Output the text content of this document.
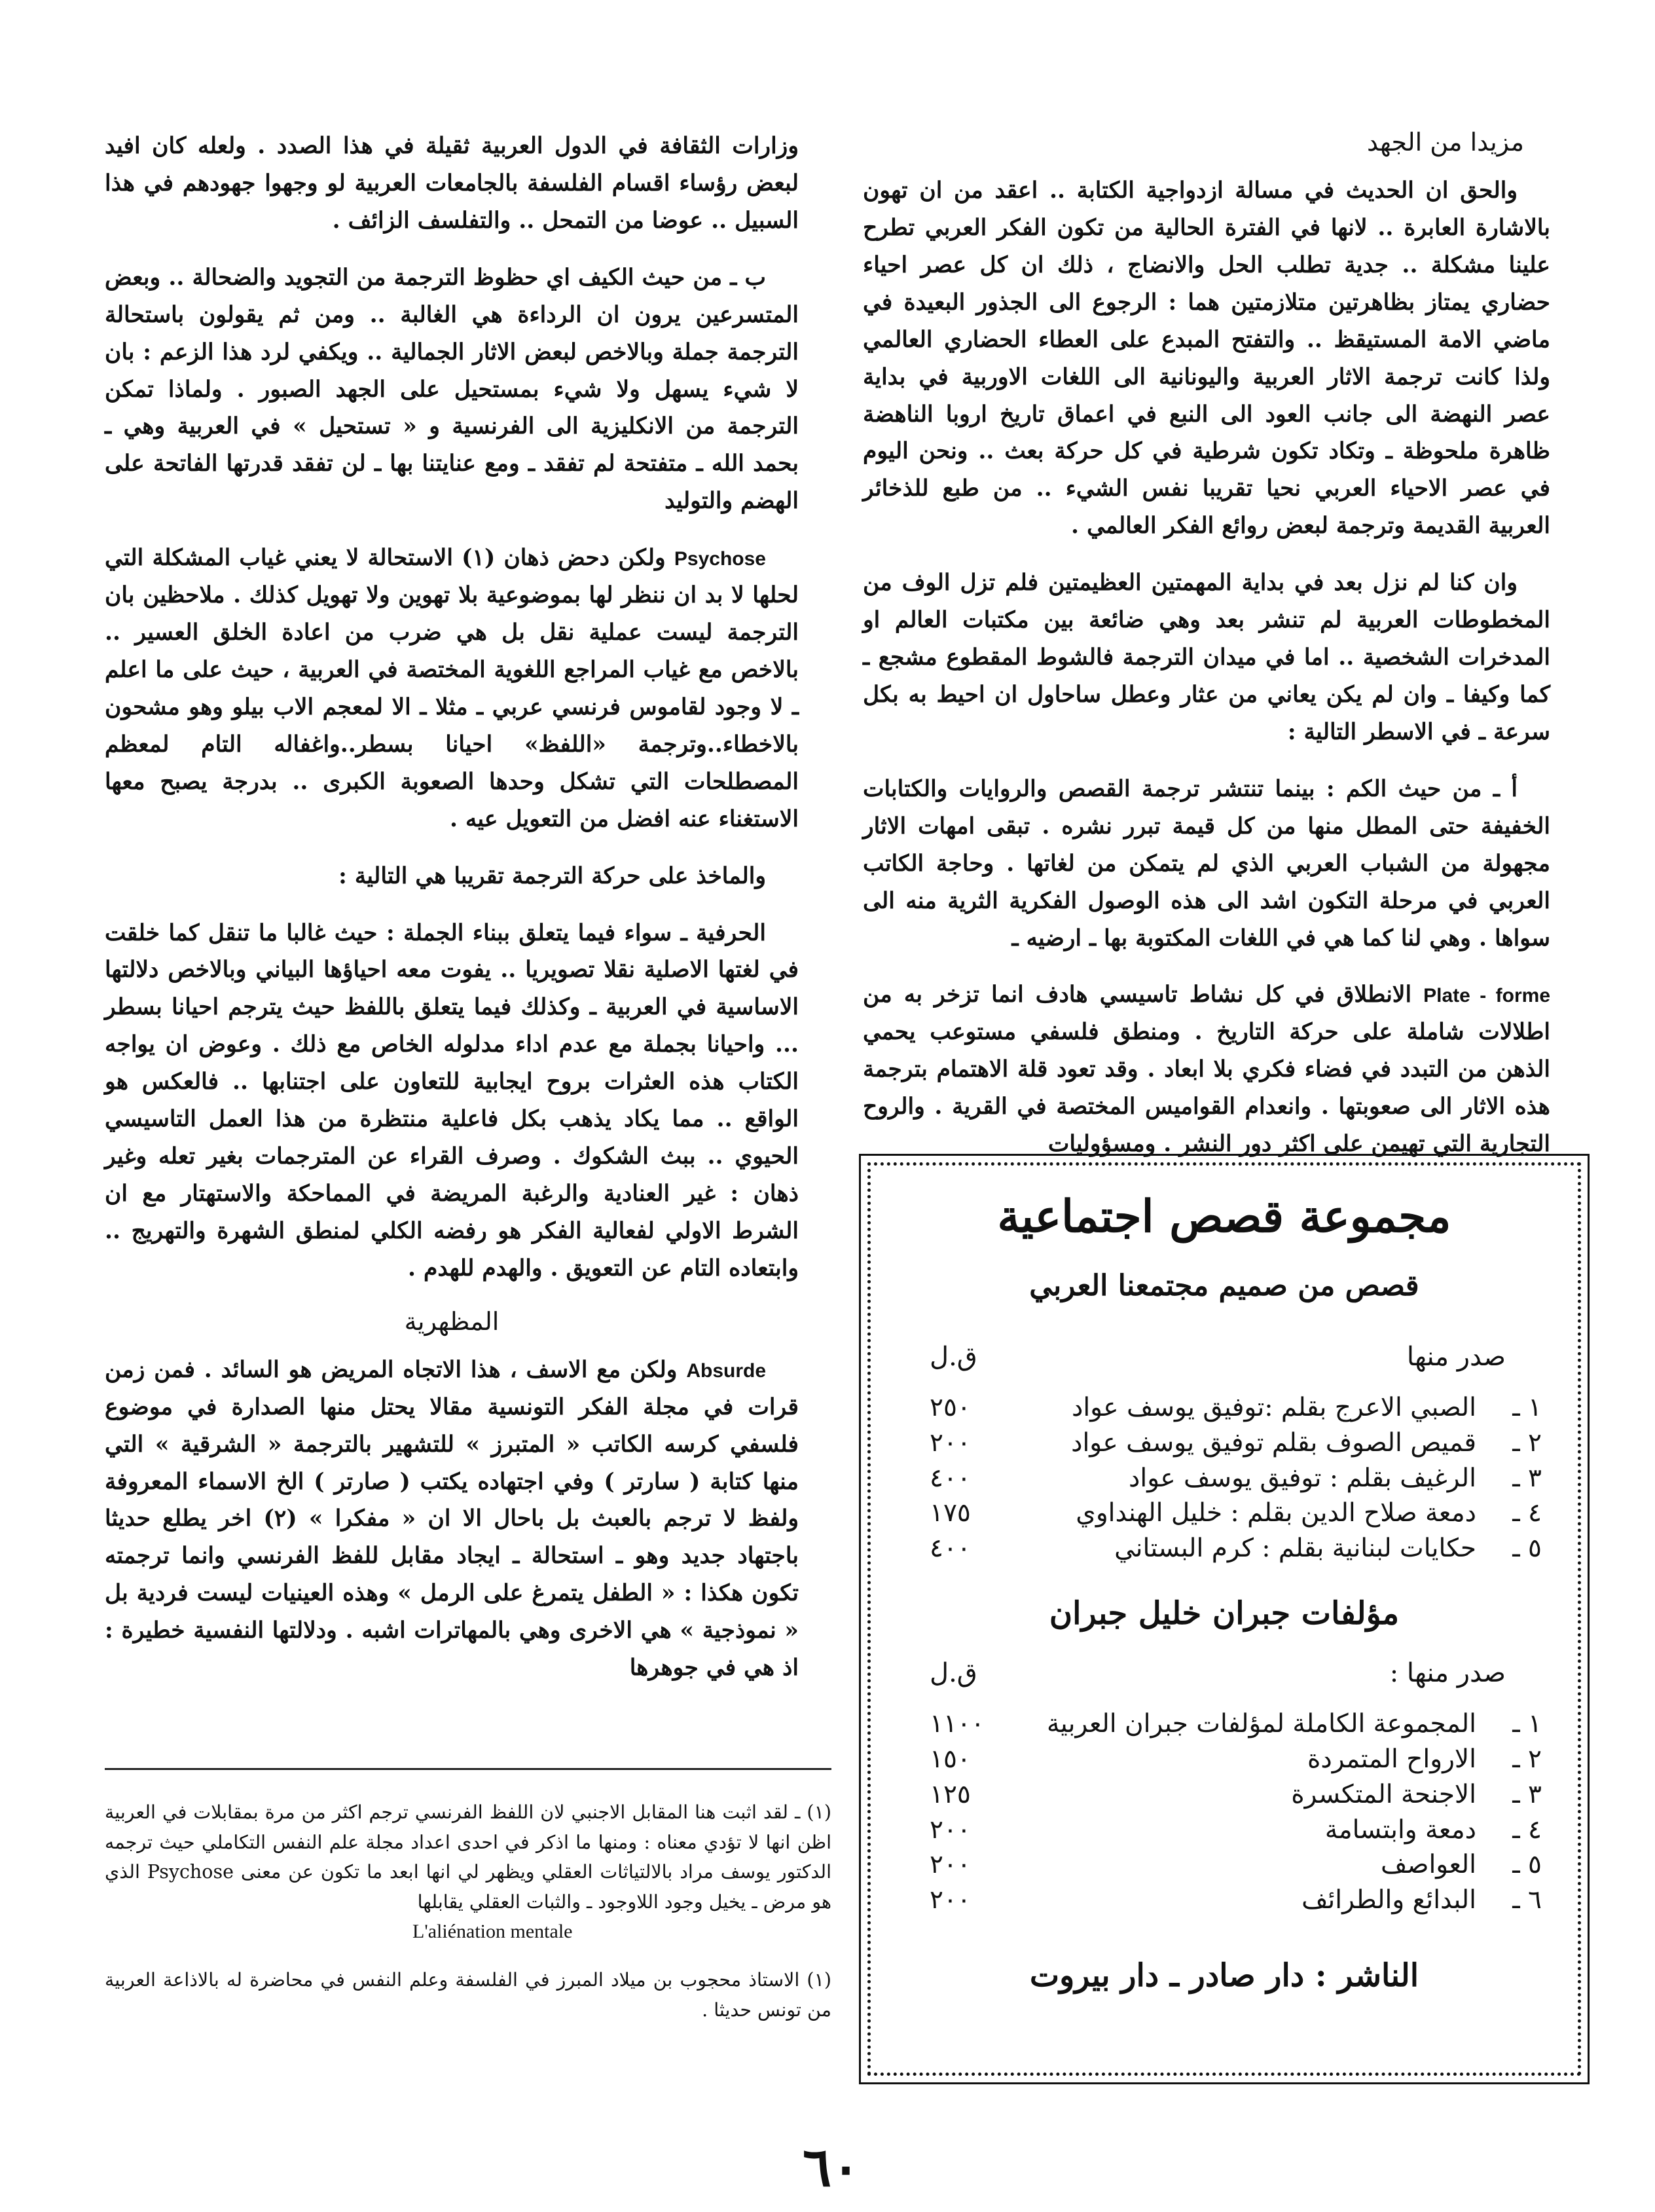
مزيدا من الجهد

والحق ان الحديث في مسالة ازدواجية الكتابة .. اعقد من ان تهون بالاشارة العابرة .. لانها في الفترة الحالية من تكون الفكر العربي تطرح علينا مشكلة .. جدية تطلب الحل والانضاج ، ذلك ان كل عصر احياء حضاري يمتاز بظاهرتين متلازمتين هما : الرجوع الى الجذور البعيدة في ماضي الامة المستيقظ .. والتفتح المبدع على العطاء الحضاري العالمي ولذا كانت ترجمة الاثار العربية واليونانية الى اللغات الاوربية في بداية عصر النهضة الى جانب العود الى النبع في اعماق تاريخ اروبا الناهضة ظاهرة ملحوظة ـ وتكاد تكون شرطية في كل حركة بعث .. ونحن اليوم في عصر الاحياء العربي نحيا تقريبا نفس الشيء .. من طبع للذخائر العربية القديمة وترجمة لبعض روائع الفكر العالمي .

وان كنا لم نزل بعد في بداية المهمتين العظيمتين فلم تزل الوف من المخطوطات العربية لم تنشر بعد وهي ضائعة بين مكتبات العالم او المدخرات الشخصية .. اما في ميدان الترجمة فالشوط المقطوع مشجع ـ كما وكيفا ـ وان لم يكن يعاني من عثار وعطل ساحاول ان احيط به بكل سرعة ـ في الاسطر التالية :

أ ـ من حيث الكم : بينما تنتشر ترجمة القصص والروايات والكتابات الخفيفة حتى المطل منها من كل قيمة تبرر نشره . تبقى امهات الاثار مجهولة من الشباب العربي الذي لم يتمكن من لغاتها . وحاجة الكاتب العربي في مرحلة التكون اشد الى هذه الوصول الفكرية الثرية منه الى سواها . وهي لنا كما هي في اللغات المكتوبة بها ـ ارضيه ـ

Plate - forme الانطلاق في كل نشاط تاسيسي هادف انما تزخر به من اطلالات شاملة على حركة التاريخ . ومنطق فلسفي مستوعب يحمي الذهن من التبدد في فضاء فكري بلا ابعاد . وقد تعود قلة الاهتمام بترجمة هذه الاثار الى صعوبتها . وانعدام القواميس المختصة في القرية . والروح التجارية التي تهيمن على اكثر دور النشر . ومسؤوليات

وزارات الثقافة في الدول العربية ثقيلة في هذا الصدد . ولعله كان افيد لبعض رؤساء اقسام الفلسفة بالجامعات العربية لو وجهوا جهودهم في هذا السبيل .. عوضا من التمحل .. والتفلسف الزائف .

ب ـ من حيث الكيف اي حظوظ الترجمة من التجويد والضحالة .. وبعض المتسرعين يرون ان الرداءة هي الغالبة .. ومن ثم يقولون باستحالة الترجمة جملة وبالاخص لبعض الاثار الجمالية .. ويكفي لرد هذا الزعم : بان لا شيء يسهل ولا شيء بمستحيل على الجهد الصبور . ولماذا تمكن الترجمة من الانكليزية الى الفرنسية و « تستحيل » في العربية وهي ـ بحمد الله ـ متفتحة لم تفقد ـ ومع عنايتنا بها ـ لن تفقد قدرتها الفاتحة على الهضم والتوليد

Psychose ولكن دحض ذهان (١) الاستحالة لا يعني غياب المشكلة التي لحلها لا بد ان ننظر لها بموضوعية بلا تهوين ولا تهويل كذلك . ملاحظين بان الترجمة ليست عملية نقل بل هي ضرب من اعادة الخلق العسير .. بالاخص مع غياب المراجع اللغوية المختصة في العربية ، حيث على ما اعلم ـ لا وجود لقاموس فرنسي عربي ـ مثلا ـ الا لمعجم الاب بيلو وهو مشحون بالاخطاء..وترجمة «اللفظ» احيانا بسطر..واغفاله التام لمعظم المصطلحات التي تشكل وحدها الصعوبة الكبرى .. بدرجة يصبح معها الاستغناء عنه افضل من التعويل عيه .

والماخذ على حركة الترجمة تقريبا هي التالية :

الحرفية ـ سواء فيما يتعلق ببناء الجملة : حيث غالبا ما تنقل كما خلقت في لغتها الاصلية نقلا تصويريا .. يفوت معه احياؤها البياني وبالاخص دلالتها الاساسية في العربية ـ وكذلك فيما يتعلق باللفظ حيث يترجم احيانا بسطر ... واحيانا بجملة مع عدم اداء مدلوله الخاص مع ذلك . وعوض ان يواجه الكتاب هذه العثرات بروح ايجابية للتعاون على اجتنابها .. فالعكس هو الواقع .. مما يكاد يذهب بكل فاعلية منتظرة من هذا العمل التاسيسي الحيوي .. ببث الشكوك . وصرف القراء عن المترجمات بغير تعله وغير ذهان : غير العنادية والرغبة المريضة في المماحكة والاستهتار مع ان الشرط الاولي لفعالية الفكر هو رفضه الكلي لمنطق الشهرة والتهريج .. وابتعاده التام عن التعويق . والهدم للهدم .

المظهرية

Absurde ولكن مع الاسف ، هذا الاتجاه المريض هو السائد . فمن زمن قرات في مجلة الفكر التونسية مقالا يحتل منها الصدارة في موضوع فلسفي كرسه الكاتب « المتبرز » للتشهير بالترجمة « الشرقية » التي منها كتابة ( سارتر ) وفي اجتهاده يكتب ( صارتر ) الخ الاسماء المعروفة ولفظ لا ترجم بالعبث بل باحال الا ان « مفكرا » (٢) اخر يطلع حديثا باجتهاد جديد وهو ـ استحالة ـ ايجاد مقابل للفظ الفرنسي وانما ترجمته تكون هكذا : « الطفل يتمرغ على الرمل » وهذه العينيات ليست فردية بل « نموذجية » هي الاخرى وهي بالمهاترات اشبه . ودلالتها النفسية خطيرة : اذ هي في جوهرها

(١) ـ لقد اثبت هنا المقابل الاجنبي لان اللفظ الفرنسي ترجم اكثر من مرة بمقابلات في العربية اظن انها لا تؤدي معناه : ومنها ما اذكر في احدى اعداد مجلة علم النفس التكاملي حيث ترجمه الدكتور يوسف مراد بالالتياثات العقلي ويظهر لي انها ابعد ما تكون عن معنى Psychose الذي هو مرض ـ يخيل وجود اللاوجود ـ والثبات العقلي يقابلها

L'aliénation mentale

(١) الاستاذ محجوب بن ميلاد المبرز في الفلسفة وعلم النفس في محاضرة له بالاذاعة العربية من تونس حديثا .

مجموعة قصص اجتماعية
قصص من صميم مجتمعنا العربي
صدر منها
ق.ل
١ ـالصبي الاعرج بقلم :توفيق يوسف عواد
٢٥٠
٢ ـقميص الصوف بقلم توفيق يوسف عواد
٢٠٠
٣ ـالرغيف بقلم : توفيق يوسف عواد
٤٠٠
٤ ـدمعة صلاح الدين بقلم : خليل الهنداوي
١٧٥
٥ ـحكايات لبنانية بقلم : كرم البستاني
٤٠٠
مؤلفات جبران خليل جبران
صدر منها :
ق.ل
١ ـالمجموعة الكاملة لمؤلفات جبران العربية
١١٠٠
٢ ـالارواح المتمردة
١٥٠
٣ ـالاجنحة المتكسرة
١٢٥
٤ ـدمعة وابتسامة
٢٠٠
٥ ـالعواصف
٢٠٠
٦ ـالبدائع والطرائف
٢٠٠
الناشر : دار صادر ـ دار بيروت
٦٠
